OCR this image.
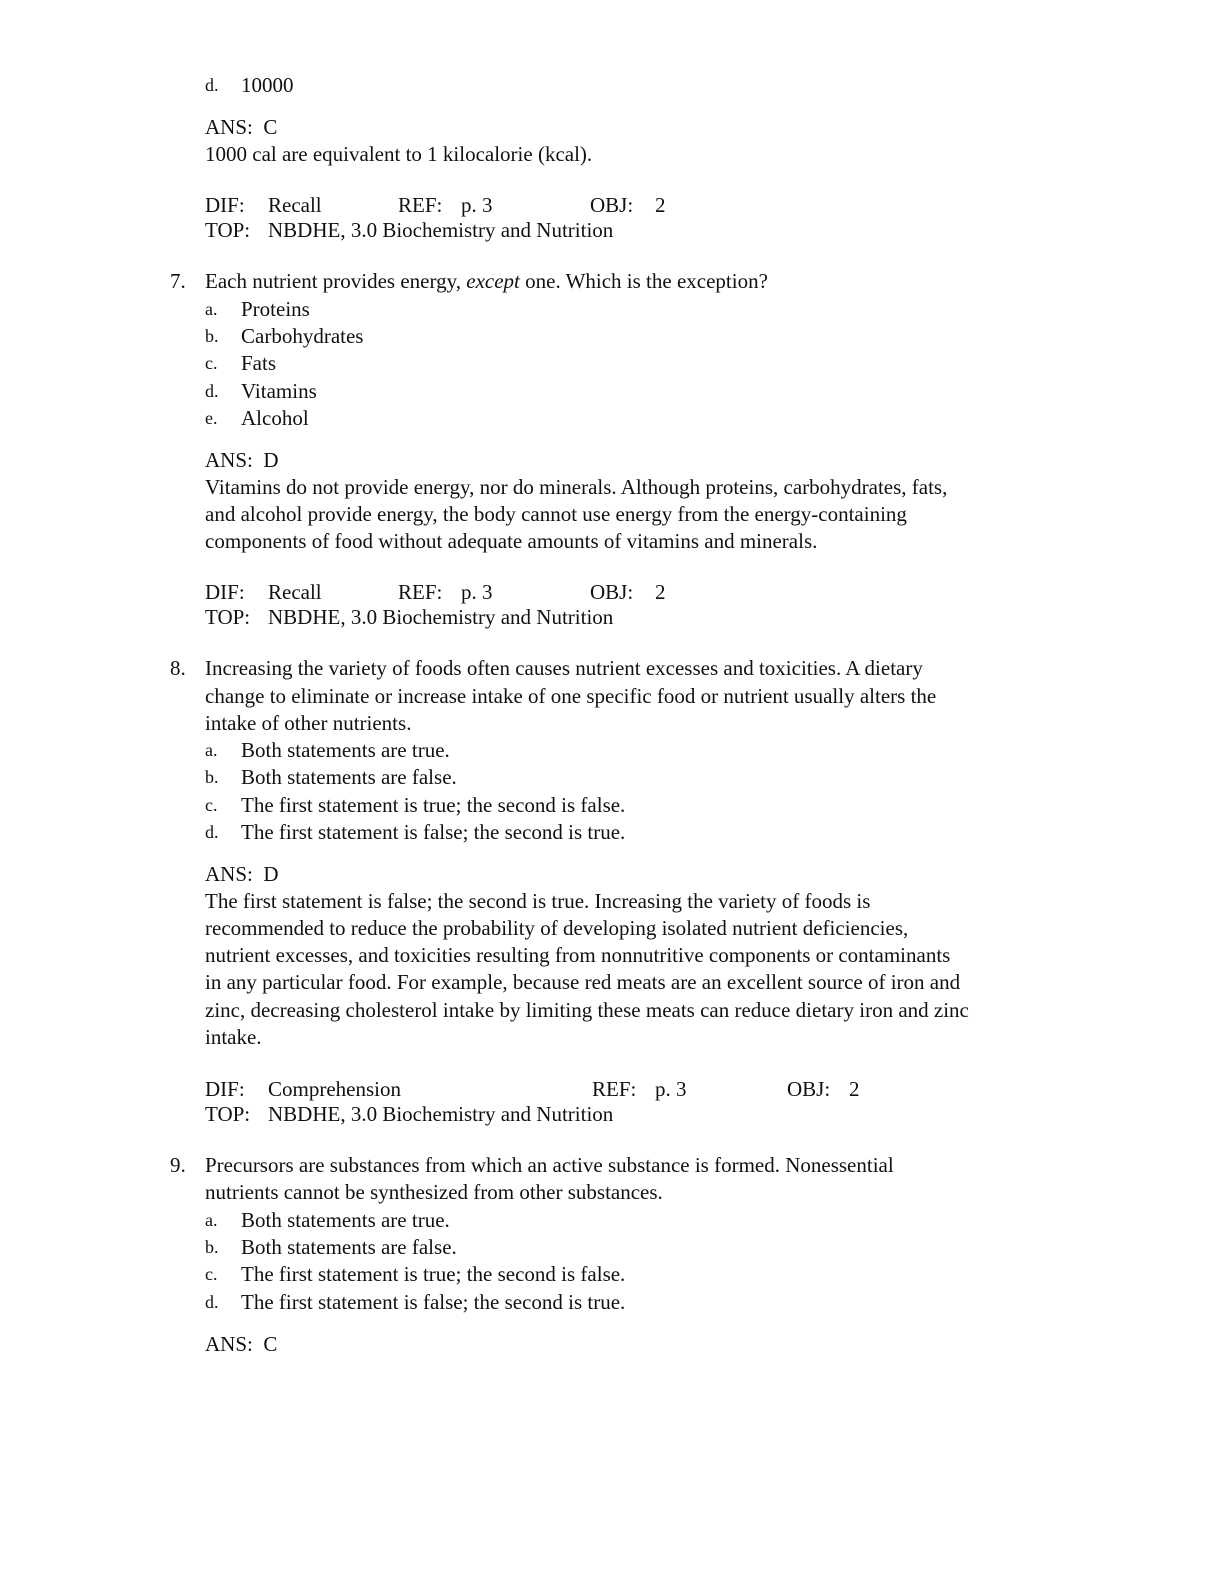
d. 10000
ANS: C

1000 cal are equivalent to 1 kilocalorie (kcal).

DIF: Recall	REF: p. 3	OBJ: 2
TOP: NBDHE, 3.0 Biochemistry and Nutrition
7. Each nutrient provides energy, except one. Which is the exception?

a. Proteins
b. Carbohydrates
c. Fats
d. Vitamins
e. Alcohol
ANS: D

Vitamins do not provide energy, nor do minerals. Although proteins, carbohydrates, fats,

and alcohol provide energy, the body cannot use energy from the energy-containing

components of food without adequate amounts of vitamins and minerals.

DIF: Recall	REF: p. 3	OBJ: 2
TOP: NBDHE, 3.0 Biochemistry and Nutrition
8. Increasing the variety of foods often causes nutrient excesses and toxicities. A dietary

change to eliminate or increase intake of one specific food or nutrient usually alters the

intake of other nutrients.

a. Both statements are true.
b. Both statements are false.
c. The first statement is true; the second is false.
d. The first statement is false; the second is true.
ANS: D

The first statement is false; the second is true. Increasing the variety of foods is

recommended to reduce the probability of developing isolated nutrient deficiencies,

nutrient excesses, and toxicities resulting from nonnutritive components or contaminants

in any particular food. For example, because red meats are an excellent source of iron and

zinc, decreasing cholesterol intake by limiting these meats can reduce dietary iron and zinc

intake.

DIF: Comprehension	REF: p. 3	OBJ: 2
TOP: NBDHE, 3.0 Biochemistry and Nutrition
9. Precursors are substances from which an active substance is formed. Nonessential

nutrients cannot be synthesized from other substances.

a. Both statements are true.
b. Both statements are false.
c. The first statement is true; the second is false.
d. The first statement is false; the second is true.
ANS: C
